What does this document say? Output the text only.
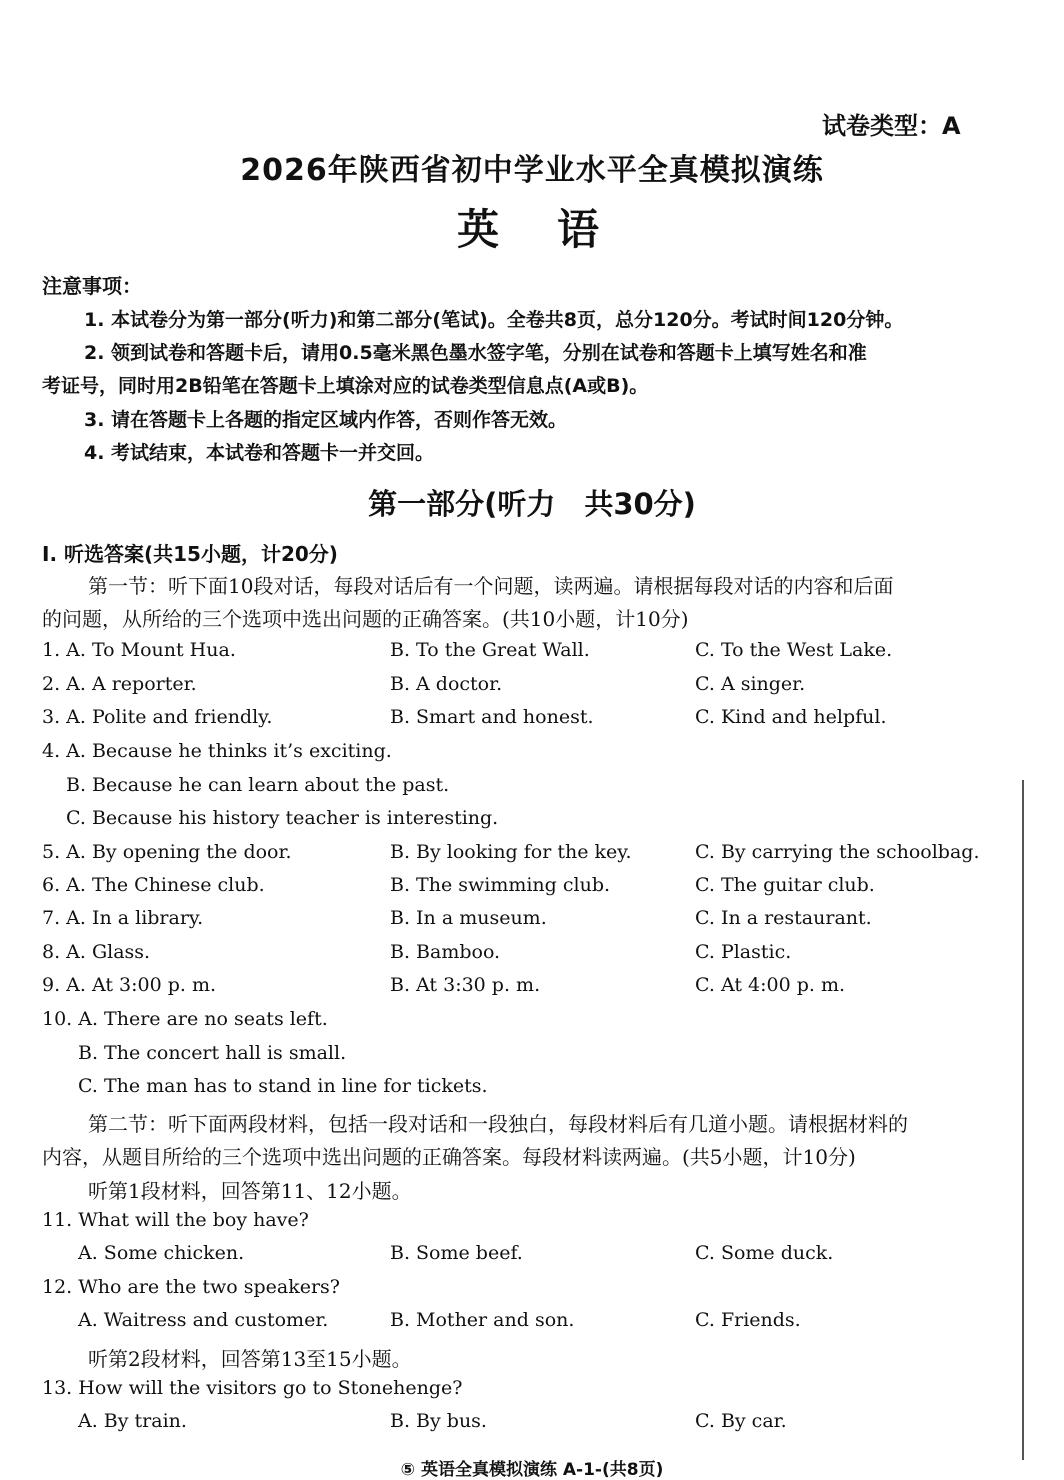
试卷类型：A
2026年陕西省初中学业水平全真模拟演练
英　语
注意事项：
1. 本试卷分为第一部分(听力)和第二部分(笔试)。全卷共8页，总分120分。考试时间120分钟。
2. 领到试卷和答题卡后，请用0.5毫米黑色墨水签字笔，分别在试卷和答题卡上填写姓名和准
考证号，同时用2B铅笔在答题卡上填涂对应的试卷类型信息点(A或B)。
3. 请在答题卡上各题的指定区域内作答，否则作答无效。
4. 考试结束，本试卷和答题卡一并交回。
第一部分(听力　共30分)
Ⅰ. 听选答案(共15小题，计20分)
第一节：听下面10段对话，每段对话后有一个问题，读两遍。请根据每段对话的内容和后面
的问题，从所给的三个选项中选出问题的正确答案。(共10小题，计10分)
1. A. To Mount Hua.	B. To the Great Wall.	C. To the West Lake.
2. A. A reporter.	B. A doctor.	C. A singer.
3. A. Polite and friendly.	B. Smart and honest.	C. Kind and helpful.
4. A. Because he thinks it’s exciting.
B. Because he can learn about the past.
C. Because his history teacher is interesting.
5. A. By opening the door.	B. By looking for the key.	C. By carrying the schoolbag.
6. A. The Chinese club.	B. The swimming club.	C. The guitar club.
7. A. In a library.	B. In a museum.	C. In a restaurant.
8. A. Glass.	B. Bamboo.	C. Plastic.
9. A. At 3:00 p. m.	B. At 3:30 p. m.	C. At 4:00 p. m.
10. A. There are no seats left.
B. The concert hall is small.
C. The man has to stand in line for tickets.
第二节：听下面两段材料，包括一段对话和一段独白，每段材料后有几道小题。请根据材料的
内容，从题目所给的三个选项中选出问题的正确答案。每段材料读两遍。(共5小题，计10分)
听第1段材料，回答第11、12小题。
11. What will the boy have?
A. Some chicken.	B. Some beef.	C. Some duck.
12. Who are the two speakers?
A. Waitress and customer.	B. Mother and son.	C. Friends.
听第2段材料，回答第13至15小题。
13. How will the visitors go to Stonehenge?
A. By train.	B. By bus.	C. By car.
⑤ 英语全真模拟演练 A-1-(共8页)
